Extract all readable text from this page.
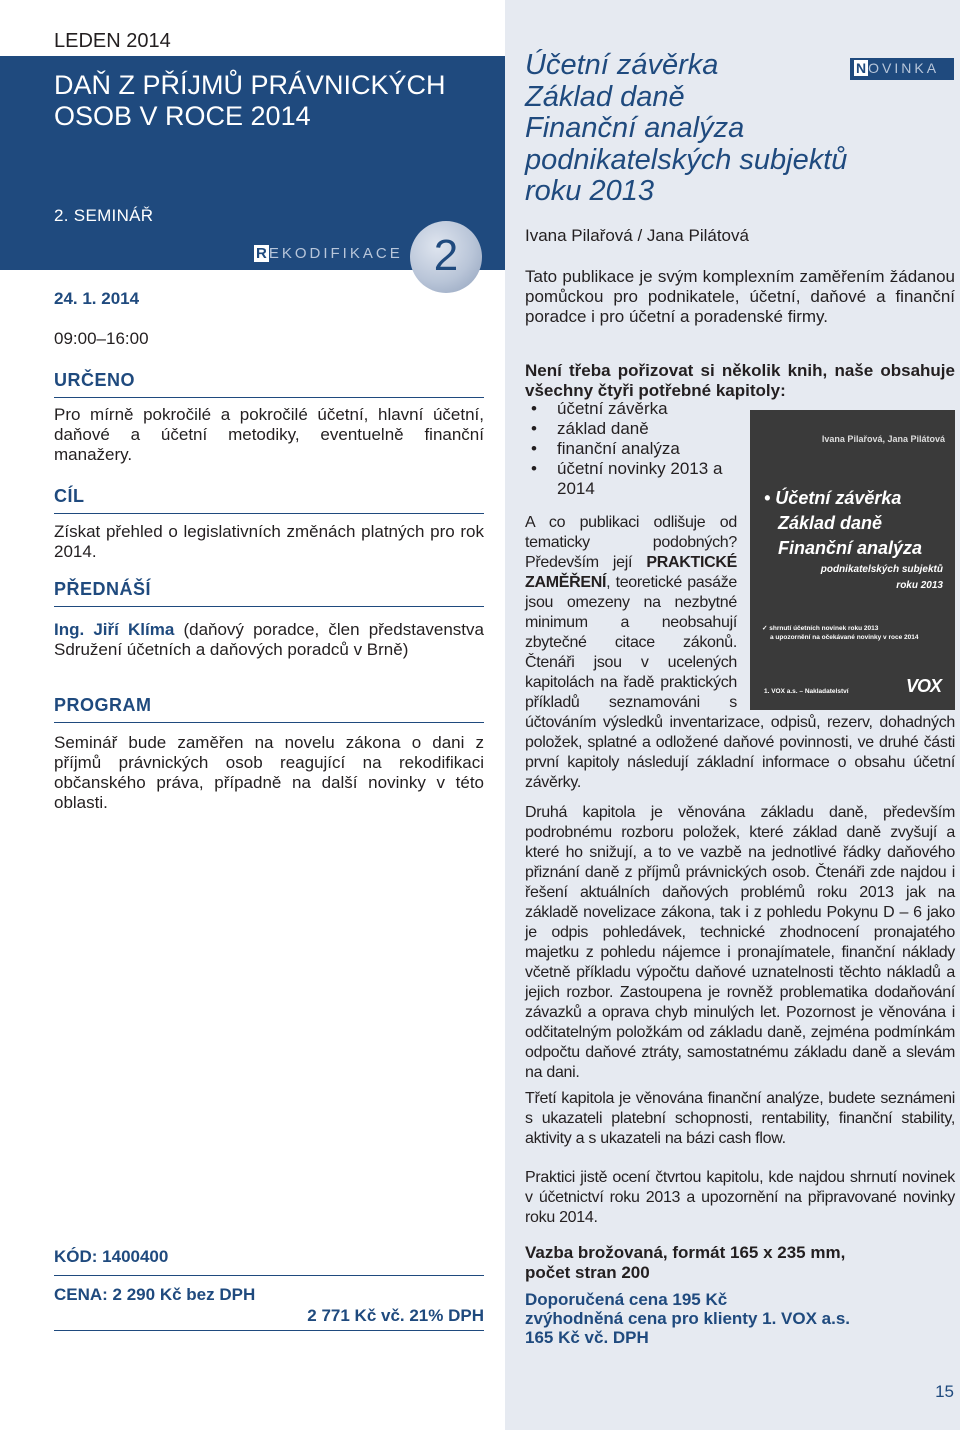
LEDEN 2014
DAŇ Z PŘÍJMŮ PRÁVNICKÝCH
OSOB V ROCE 2014
2. SEMINÁŘ
R EKODIFIKACE 2
24. 1. 2014
09:00–16:00
URČENO
Pro mírně pokročilé a pokročilé účetní, hlavní účetní, daňové a účetní metodiky, eventuelně finanční manažery.
CÍL
Získat přehled o legislativních změnách platných pro rok 2014.
PŘEDNÁŠÍ
Ing. Jiří Klíma (daňový poradce, člen představenstva Sdružení účetních a daňových poradců v Brně)
PROGRAM
Seminář bude zaměřen na novelu zákona o dani z příjmů právnických osob reagující na rekodifikaci občanského práva, případně na další novinky v této oblasti.
KÓD: 1400400
CENA: 2 290 Kč bez DPH
2 771 Kč vč. 21% DPH
N OVINKA
Účetní závěrka
Základ daně
Finanční analýza
podnikatelských subjektů
roku 2013
Ivana Pilařová / Jana Pilátová
Tato publikace je svým komplexním zaměřením žádanou pomůckou pro podnikatele, účetní, daňové a finanční poradce i pro účetní a poradenské firmy.
Není třeba pořizovat si několik knih, naše obsahuje všechny čtyři potřebné kapitoly:
• účetní závěrka
• základ daně
• finanční analýza
• účetní novinky 2013 a 2014
Ivana Pilařová, Jana Pilátová
• Účetní závěrka
Základ daně
Finanční analýza
podnikatelských subjektů
roku 2013
✓ shrnutí účetních novinek roku 2013
a upozornění na očekávané novinky v roce 2014
1. VOX a.s. – Nakladatelství	VOX
A co publikaci odlišuje od tematicky podobných? Především její PRAKTICKÉ ZAMĚŘENÍ, teoretické pasáže jsou omezeny na nezbytné minimum a neobsahují zbytečné citace zákonů. Čtenáři jsou v ucelených kapitolách na řadě praktických příkladů seznamováni s účtováním výsledků inventarizace, odpisů, rezerv, dohadných položek, splatné a odložené daňové povinnosti, ve druhé části první kapitoly následují základní informace o obsahu účetní závěrky.
Druhá kapitola je věnována základu daně, především podrobnému rozboru položek, které základ daně zvyšují a které ho snižují, a to ve vazbě na jednotlivé řádky daňového přiznání daně z příjmů právnických osob. Čtenáři zde najdou i řešení aktuálních daňových problémů roku 2013 jak na základě novelizace zákona, tak i z pohledu Pokynu D – 6 jako je odpis pohledávek, technické zhodnocení pronajatého majetku z pohledu nájemce i pronajímatele, finanční náklady včetně příkladu výpočtu daňové uznatelnosti těchto nákladů a jejich rozbor. Zastoupena je rovněž problematika dodaňování závazků a oprava chyb minulých let. Pozornost je věnována i odčitatelným položkám od základu daně, zejména podmínkám odpočtu daňové ztráty, samostatnému základu daně a slevám na dani.
Třetí kapitola je věnována finanční analýze, budete seznámeni s ukazateli platební schopnosti, rentability, finanční stability, aktivity a s ukazateli na bázi cash flow.
Praktici jistě ocení čtvrtou kapitolu, kde najdou shrnutí novinek v účetnictví roku 2013 a upozornění na připravované novinky roku 2014.
Vazba brožovaná, formát 165 x 235 mm,
počet stran 200
Doporučená cena 195 Kč
zvýhodněná cena pro klienty 1. VOX a.s.
165 Kč vč. DPH
15
